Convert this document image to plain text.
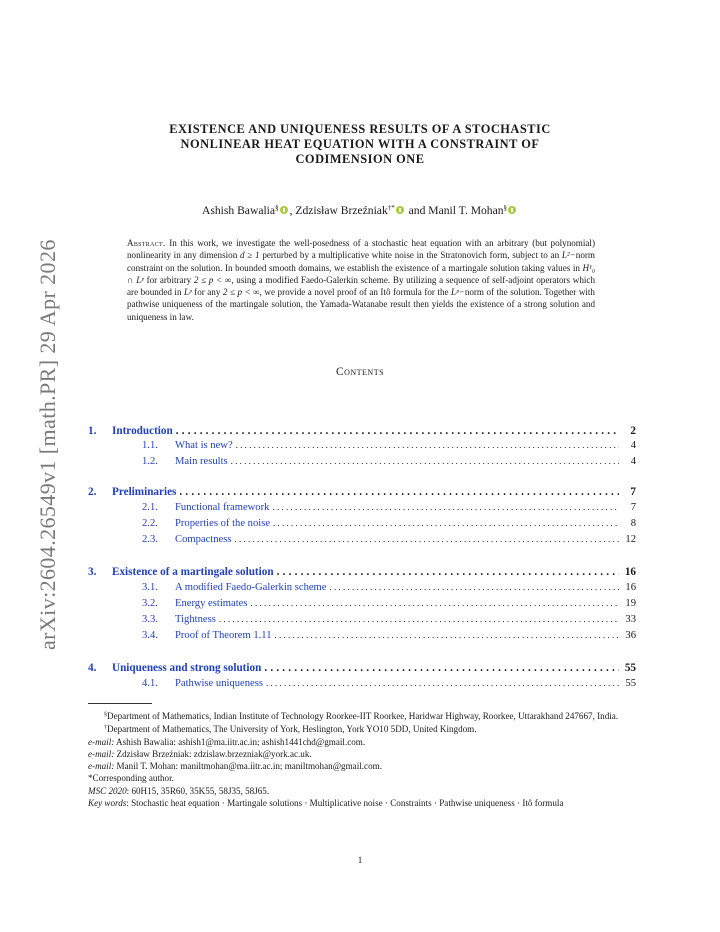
arXiv:2604.26549v1 [math.PR] 29 Apr 2026
EXISTENCE AND UNIQUENESS RESULTS OF A STOCHASTIC
NONLINEAR HEAT EQUATION WITH A CONSTRAINT OF
CODIMENSION ONE
Ashish Bawalia§ , Zdzisław Brzeźniak†* and Manil T. Mohan§
Abstract. In this work, we investigate the well-posedness of a stochastic heat equation with an arbitrary (but polynomial) nonlinearity in any dimension d ≥ 1 perturbed by a multiplicative white noise in the Stratonovich form, subject to an L²−norm constraint on the solution. In bounded smooth domains, we establish the existence of a martingale solution taking values in H¹₀ ∩ Lᵖ for arbitrary 2 ≤ p < ∞, using a modified Faedo-Galerkin scheme. By utilizing a sequence of self-adjoint operators which are bounded in Lᵖ for any 2 ≤ p < ∞, we provide a novel proof of an Itô formula for the Lᵖ−norm of the solution. Together with pathwise uniqueness of the martingale solution, the Yamada-Watanabe result then yields the existence of a strong solution and uniqueness in law.
Contents
1.	Introduction . . .	2
1.1.	What is new? . . .	4
1.2.	Main results . . .	4
2.	Preliminaries . . .	7
2.1.	Functional framework . . .	7
2.2.	Properties of the noise . . .	8
2.3.	Compactness . . .	12
3.	Existence of a martingale solution . . .	16
3.1.	A modified Faedo-Galerkin scheme . . .	16
3.2.	Energy estimates . . .	19
3.3.	Tightness . . .	33
3.4.	Proof of Theorem 1.11 . . .	36
4.	Uniqueness and strong solution . . .	55
4.1.	Pathwise uniqueness . . .	55

§Department of Mathematics, Indian Institute of Technology Roorkee-IIT Roorkee, Haridwar Highway, Roorkee, Uttarakhand 247667, India.

†Department of Mathematics, The University of York, Heslington, York YO10 5DD, United Kingdom.

e-mail: Ashish Bawalia: ashish1@ma.iitr.ac.in; ashish1441chd@gmail.com.

e-mail: Zdzisław Brzeźniak: zdzislaw.brzezniak@york.ac.uk.

e-mail: Manil T. Mohan: maniltmohan@ma.iitr.ac.in; maniltmohan@gmail.com.

*Corresponding author.

MSC 2020: 60H15, 35R60, 35K55, 58J35, 58J65.

Key words: Stochastic heat equation · Martingale solutions · Multiplicative noise · Constraints · Pathwise uniqueness · Itô formula

1
